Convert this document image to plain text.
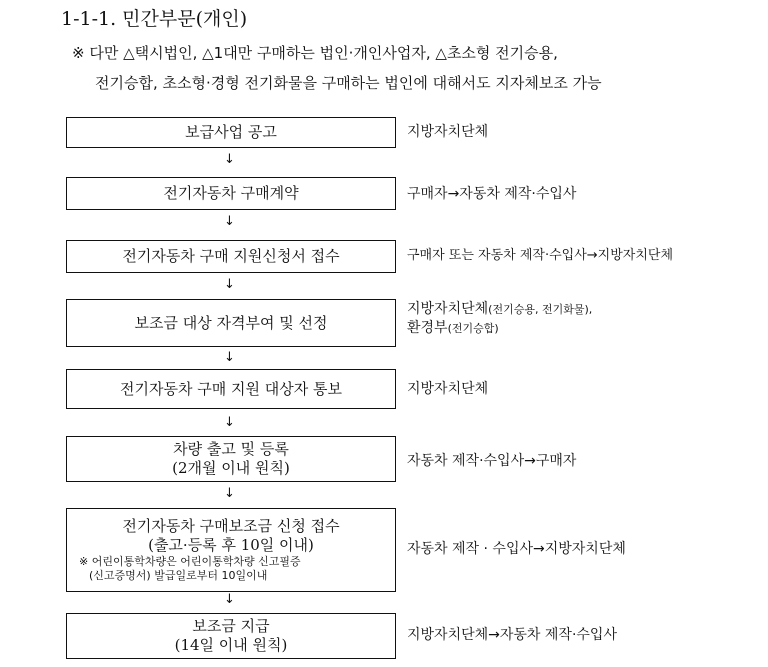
1-1-1. 민간부문(개인)
※ 다만 △택시법인, △1대만 구매하는 법인·개인사업자, △초소형 전기승용,
전기승합, 초소형·경형 전기화물을 구매하는 법인에 대해서도 지자체보조 가능
보급사업 공고	지방자치단체
↓
전기자동차 구매계약	구매자→자동차 제작·수입사
↓
전기자동차 구매 지원신청서 접수	구매자 또는 자동차 제작·수입사→지방자치단체
↓
보조금 대상 자격부여 및 선정
지방자치단체(전기승용, 전기화물),
환경부(전기승합)
↓
전기자동차 구매 지원 대상자 통보	지방자치단체
↓
차량 출고 및 등록
(2개월 이내 원칙)	자동차 제작·수입사→구매자
↓
전기자동차 구매보조금 신청 접수
(출고·등록 후 10일 이내)
※ 어린이통학차량은 어린이통학차량 신고필증
(신고증명서) 발급일로부터 10일이내
자동차 제작 · 수입사→지방자치단체
↓
보조금 지급
(14일 이내 원칙)
지방자치단체→자동차 제작·수입사
